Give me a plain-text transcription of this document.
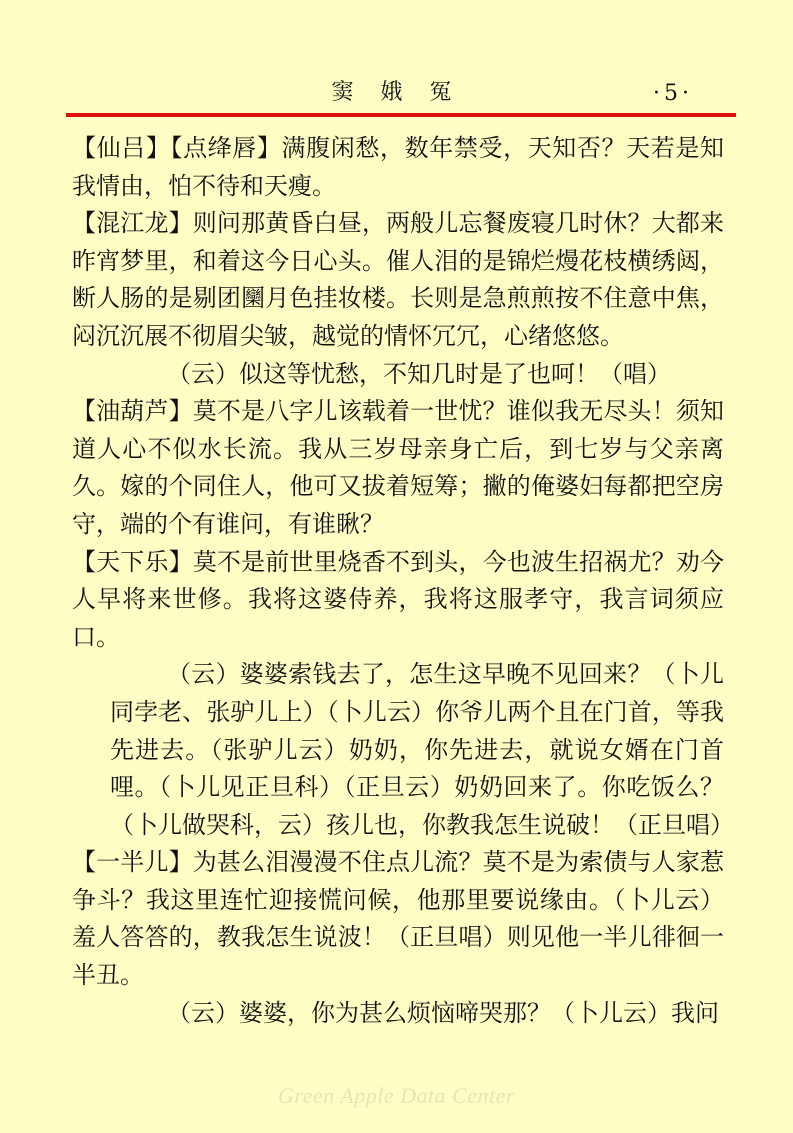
窦 娥 冤	·5·

【仙吕】【点绛唇】满腹闲愁，数年禁受，天知否？天若是知我情由，怕不待和天瘦。

【混江龙】则问那黄昏白昼，两般儿忘餐废寝几时休？大都来昨宵梦里，和着这今日心头。催人泪的是锦烂熳花枝横绣闼，断人肠的是剔团圞月色挂妆楼。长则是急煎煎按不住意中焦，闷沉沉展不彻眉尖皱，越觉的情怀冗冗，心绪悠悠。

（云）似这等忧愁，不知几时是了也呵！（唱）

【油葫芦】莫不是八字儿该载着一世忧？谁似我无尽头！须知道人心不似水长流。我从三岁母亲身亡后，到七岁与父亲离久。嫁的个同住人，他可又拔着短筹；撇的俺婆妇每都把空房守，端的个有谁问，有谁瞅？

【天下乐】莫不是前世里烧香不到头，今也波生招祸尤？劝今人早将来世修。我将这婆侍养，我将这服孝守，我言词须应口。

（云）婆婆索钱去了，怎生这早晚不见回来？（卜儿同孛老、张驴儿上）（卜儿云）你爷儿两个且在门首，等我先进去。（张驴儿云）奶奶，你先进去，就说女婿在门首哩。（卜儿见正旦科）（正旦云）奶奶回来了。你吃饭么？（卜儿做哭科，云）孩儿也，你教我怎生说破！（正旦唱）

【一半儿】为甚么泪漫漫不住点儿流？莫不是为索债与人家惹争斗？我这里连忙迎接慌问候，他那里要说缘由。（卜儿云）羞人答答的，教我怎生说波！（正旦唱）则见他一半儿徘徊一半丑。

（云）婆婆，你为甚么烦恼啼哭那？（卜儿云）我问

Green Apple Data Center
